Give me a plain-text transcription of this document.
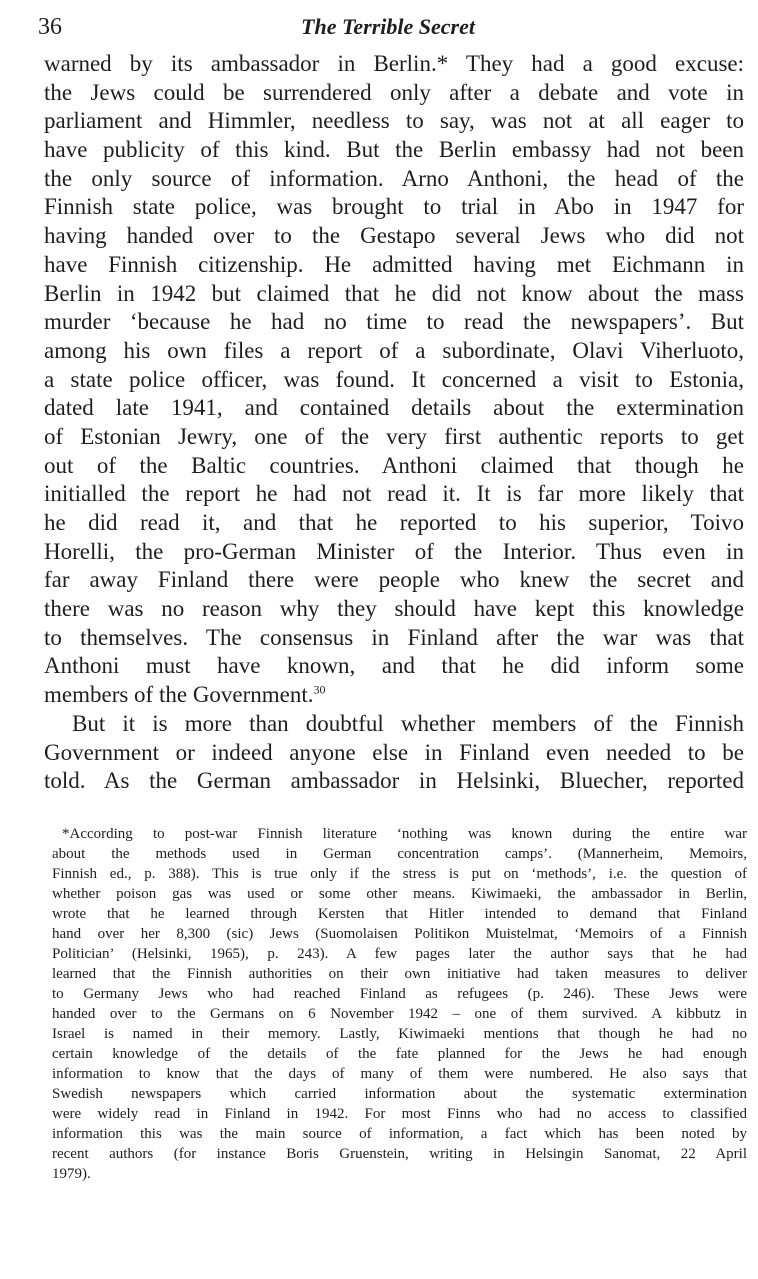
36	The Terrible Secret
warned by its ambassador in Berlin.* They had a good excuse:
the Jews could be surrendered only after a debate and vote in
parliament and Himmler, needless to say, was not at all eager to
have publicity of this kind. But the Berlin embassy had not been
the only source of information. Arno Anthoni, the head of the
Finnish state police, was brought to trial in Abo in 1947 for
having handed over to the Gestapo several Jews who did not
have Finnish citizenship. He admitted having met Eichmann in
Berlin in 1942 but claimed that he did not know about the mass
murder ‘because he had no time to read the newspapers’. But
among his own files a report of a subordinate, Olavi Viherluoto,
a state police officer, was found. It concerned a visit to Estonia,
dated late 1941, and contained details about the extermination
of Estonian Jewry, one of the very first authentic reports to get
out of the Baltic countries. Anthoni claimed that though he
initialled the report he had not read it. It is far more likely that
he did read it, and that he reported to his superior, Toivo
Horelli, the pro-German Minister of the Interior. Thus even in
far away Finland there were people who knew the secret and
there was no reason why they should have kept this knowledge
to themselves. The consensus in Finland after the war was that
Anthoni must have known, and that he did inform some
members of the Government.$^{30}$
But it is more than doubtful whether members of the Finnish
Government or indeed anyone else in Finland even needed to be
told. As the German ambassador in Helsinki, Bluecher, reported
*According to post-war Finnish literature ‘nothing was known during the entire war
about the methods used in German concentration camps’. (Mannerheim, Memoirs,
Finnish ed., p. 388). This is true only if the stress is put on ‘methods’, i.e. the question of
whether poison gas was used or some other means. Kiwimaeki, the ambassador in Berlin,
wrote that he learned through Kersten that Hitler intended to demand that Finland
hand over her 8,300 (sic) Jews (Suomolaisen Politikon Muistelmat, ‘Memoirs of a Finnish
Politician’ (Helsinki, 1965), p. 243). A few pages later the author says that he had
learned that the Finnish authorities on their own initiative had taken measures to deliver
to Germany Jews who had reached Finland as refugees (p. 246). These Jews were
handed over to the Germans on 6 November 1942 – one of them survived. A kibbutz in
Israel is named in their memory. Lastly, Kiwimaeki mentions that though he had no
certain knowledge of the details of the fate planned for the Jews he had enough
information to know that the days of many of them were numbered. He also says that
Swedish newspapers which carried information about the systematic extermination
were widely read in Finland in 1942. For most Finns who had no access to classified
information this was the main source of information, a fact which has been noted by
recent authors (for instance Boris Gruenstein, writing in Helsingin Sanomat, 22 April
1979).
